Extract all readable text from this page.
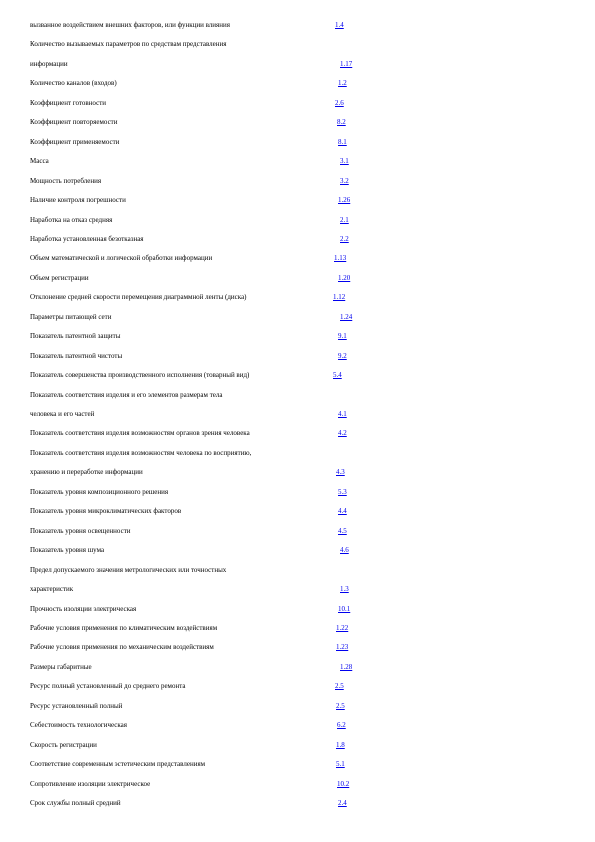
вызванное воздействием внешних факторов, или функции влияния	1.4
Количество вызываемых параметров по средствам представления
информации	1.17
Количество каналов (входов)	1.2
Коэффициент готовности	2.6
Коэффициент повторяемости	8.2
Коэффициент применяемости	8.1
Масса	3.1
Мощность потребления	3.2
Наличие контроля погрешности	1.26
Наработка на отказ средняя	2.1
Наработка установленная безотказная	2.2
Объем математической и логической обработки информации	1.13
Объем регистрации	1.20
Отклонение средней скорости перемещения диаграммной ленты (диска)	1.12
Параметры питающей сети	1.24
Показатель патентной защиты	9.1
Показатель патентной чистоты	9.2
Показатель совершенства производственного исполнения (товарный вид)	5.4
Показатель соответствия изделия и его элементов размерам тела
человека и его частей	4.1
Показатель соответствия изделия возможностям органов зрения человека	4.2
Показатель соответствия изделия возможностям человека по восприятию,
хранению и переработке информации	4.3
Показатель уровня композиционного решения	5.3
Показатель уровня микроклиматических факторов	4.4
Показатель уровня освещенности	4.5
Показатель уровня шума	4.6
Предел допускаемого значения метрологических или точностных
характеристик	1.3
Прочность изоляции электрическая	10.1
Рабочие условия применения по климатическим воздействиям	1.22
Рабочие условия применения по механическим воздействиям	1.23
Размеры габаритные	1.28
Ресурс полный установленный до среднего ремонта	2.5
Ресурс установленный полный	2.5
Себестоимость технологическая	6.2
Скорость регистрации	1.8
Соответствие современным эстетическим представлениям	5.1
Сопротивление изоляции электрическое	10.2
Срок службы полный средний	2.4
